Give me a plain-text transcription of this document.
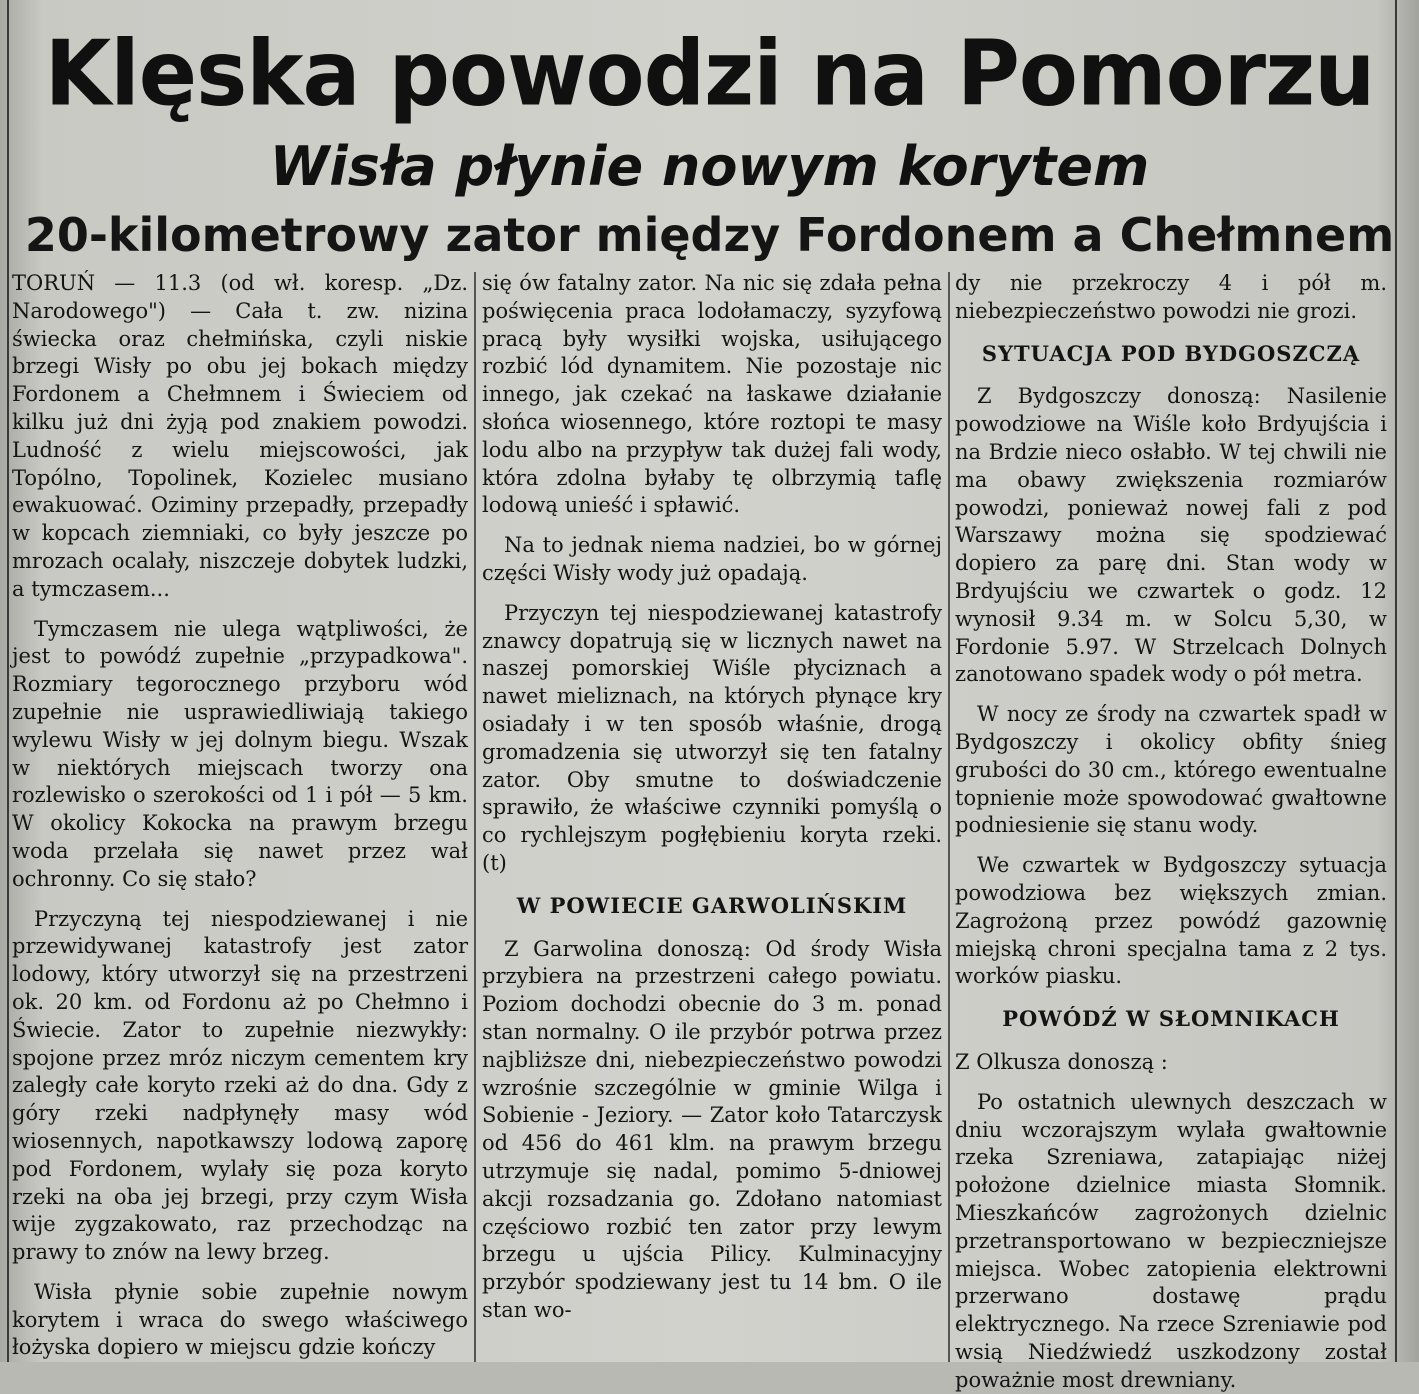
Klęska powodzi na Pomorzu
Wisła płynie nowym korytem
20-kilometrowy zator między Fordonem a Chełmnem

TORUŃ — 11.3 (od wł. koresp. „Dz. Narodowego") — Cała t. zw. nizina świecka oraz chełmińska, czyli niskie brzegi Wisły po obu jej bokach między Fordonem a Chełmnem i Świeciem od kilku już dni żyją pod znakiem powodzi. Ludność z wielu miejscowości, jak Topólno, Topolinek, Kozielec musiano ewakuować. Oziminy przepadły, przepadły w kopcach ziemniaki, co były jeszcze po mrozach ocalały, niszczeje dobytek ludzki, a tymczasem...

Tymczasem nie ulega wątpliwości, że jest to powódź zupełnie „przypadkowa". Rozmiary tegorocznego przyboru wód zupełnie nie usprawiedliwiają takiego wylewu Wisły w jej dolnym biegu. Wszak w niektórych miejscach tworzy ona rozlewisko o szerokości od 1 i pół — 5 km. W okolicy Kokocka na prawym brzegu woda przelała się nawet przez wał ochronny. Co się stało?

Przyczyną tej niespodziewanej i nie przewidywanej katastrofy jest zator lodowy, który utworzył się na przestrzeni ok. 20 km. od Fordonu aż po Chełmno i Świecie. Zator to zupełnie niezwykły: spojone przez mróz niczym cementem kry zaległy całe koryto rzeki aż do dna. Gdy z góry rzeki nadpłynęły masy wód wiosennych, napotkawszy lodową zaporę pod Fordonem, wylały się poza koryto rzeki na oba jej brzegi, przy czym Wisła wije zygzakowato, raz przechodząc na prawy to znów na lewy brzeg.

Wisła płynie sobie zupełnie nowym korytem i wraca do swego właściwego łożyska dopiero w miejscu gdzie kończy

się ów fatalny zator. Na nic się zdała pełna poświęcenia praca lodołamaczy, syzyfową pracą były wysiłki wojska, usiłującego rozbić lód dynamitem. Nie pozostaje nic innego, jak czekać na łaskawe działanie słońca wiosennego, które roztopi te masy lodu albo na przypływ tak dużej fali wody, która zdolna byłaby tę olbrzymią taflę lodową unieść i spławić.

Na to jednak niema nadziei, bo w górnej części Wisły wody już opadają.

Przyczyn tej niespodziewanej katastrofy znawcy dopatrują się w licznych nawet na naszej pomorskiej Wiśle płyciznach a nawet mieliznach, na których płynące kry osiadały i w ten sposób właśnie, drogą gromadzenia się utworzył się ten fatalny zator. Oby smutne to doświadczenie sprawiło, że właściwe czynniki pomyślą o co rychlejszym pogłębieniu koryta rzeki. (t)

W POWIECIE GARWOLIŃSKIM

Z Garwolina donoszą: Od środy Wisła przybiera na przestrzeni całego powiatu. Poziom dochodzi obecnie do 3 m. ponad stan normalny. O ile przybór potrwa przez najbliższe dni, niebezpieczeństwo powodzi wzrośnie szczególnie w gminie Wilga i Sobienie - Jeziory. — Zator koło Tatarczysk od 456 do 461 klm. na prawym brzegu utrzymuje się nadal, pomimo 5-dniowej akcji rozsadzania go. Zdołano natomiast częściowo rozbić ten zator przy lewym brzegu u ujścia Pilicy. Kulminacyjny przybór spodziewany jest tu 14 bm. O ile stan wo-

dy nie przekroczy 4 i pół m. niebezpieczeństwo powodzi nie grozi.

SYTUACJA POD BYDGOSZCZĄ

Z Bydgoszczy donoszą: Nasilenie powodziowe na Wiśle koło Brdyujścia i na Brdzie nieco osłabło. W tej chwili nie ma obawy zwiększenia rozmiarów powodzi, ponieważ nowej fali z pod Warszawy można się spodziewać dopiero za parę dni. Stan wody w Brdyujściu we czwartek o godz. 12 wynosił 9.34 m. w Solcu 5,30, w Fordonie 5.97. W Strzelcach Dolnych zanotowano spadek wody o pół metra.

W nocy ze środy na czwartek spadł w Bydgoszczy i okolicy obfity śnieg grubości do 30 cm., którego ewentualne topnienie może spowodować gwałtowne podniesienie się stanu wody.

We czwartek w Bydgoszczy sytuacja powodziowa bez większych zmian. Zagrożoną przez powódź gazownię miejską chroni specjalna tama z 2 tys. worków piasku.

POWÓDŹ W SŁOMNIKACH

Z Olkusza donoszą :

Po ostatnich ulewnych deszczach w dniu wczorajszym wylała gwałtownie rzeka Szreniawa, zatapiając niżej położone dzielnice miasta Słomnik. Mieszkańców zagrożonych dzielnic przetransportowano w bezpieczniejsze miejsca. Wobec zatopienia elektrowni przerwano dostawę prądu elektrycznego. Na rzece Szreniawie pod wsią Niedźwiedź uszkodzony został poważnie most drewniany.
